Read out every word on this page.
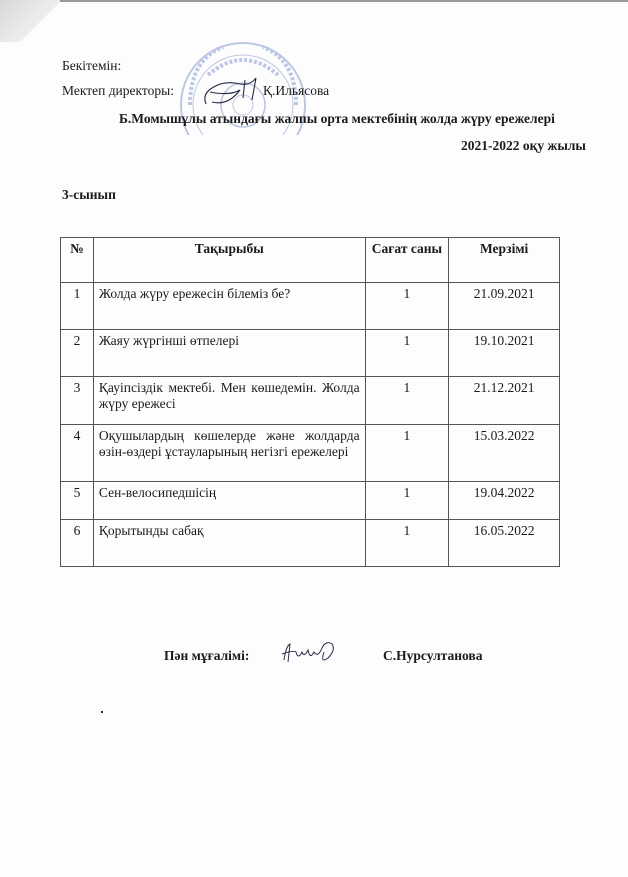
Бекітемін:
Мектеп директоры:	Қ.Ильясова
Б.Момышұлы атындағы жалпы орта мектебінің жолда жүру ережелері
2021-2022 оқу жылы
3-сынып
№	Тақырыбы	Сағат саны	Мерзімі
1	Жолда жүру ережесін білеміз бе?	1	21.09.2021
2	Жаяу жүргінші өтпелері	1	19.10.2021
3	Қауіпсіздік мектебі. Мен көшедемін. Жолда жүру ережесі	1	21.12.2021
4	Оқушылардың көшелерде және жолдарда өзін-өздері ұстауларының негізгі ережелері	1	15.03.2022
5	Сен-велосипедшісің	1	19.04.2022
6	Қорытынды сабақ	1	16.05.2022
Пән мұғалімі:	С.Нурсултанова
